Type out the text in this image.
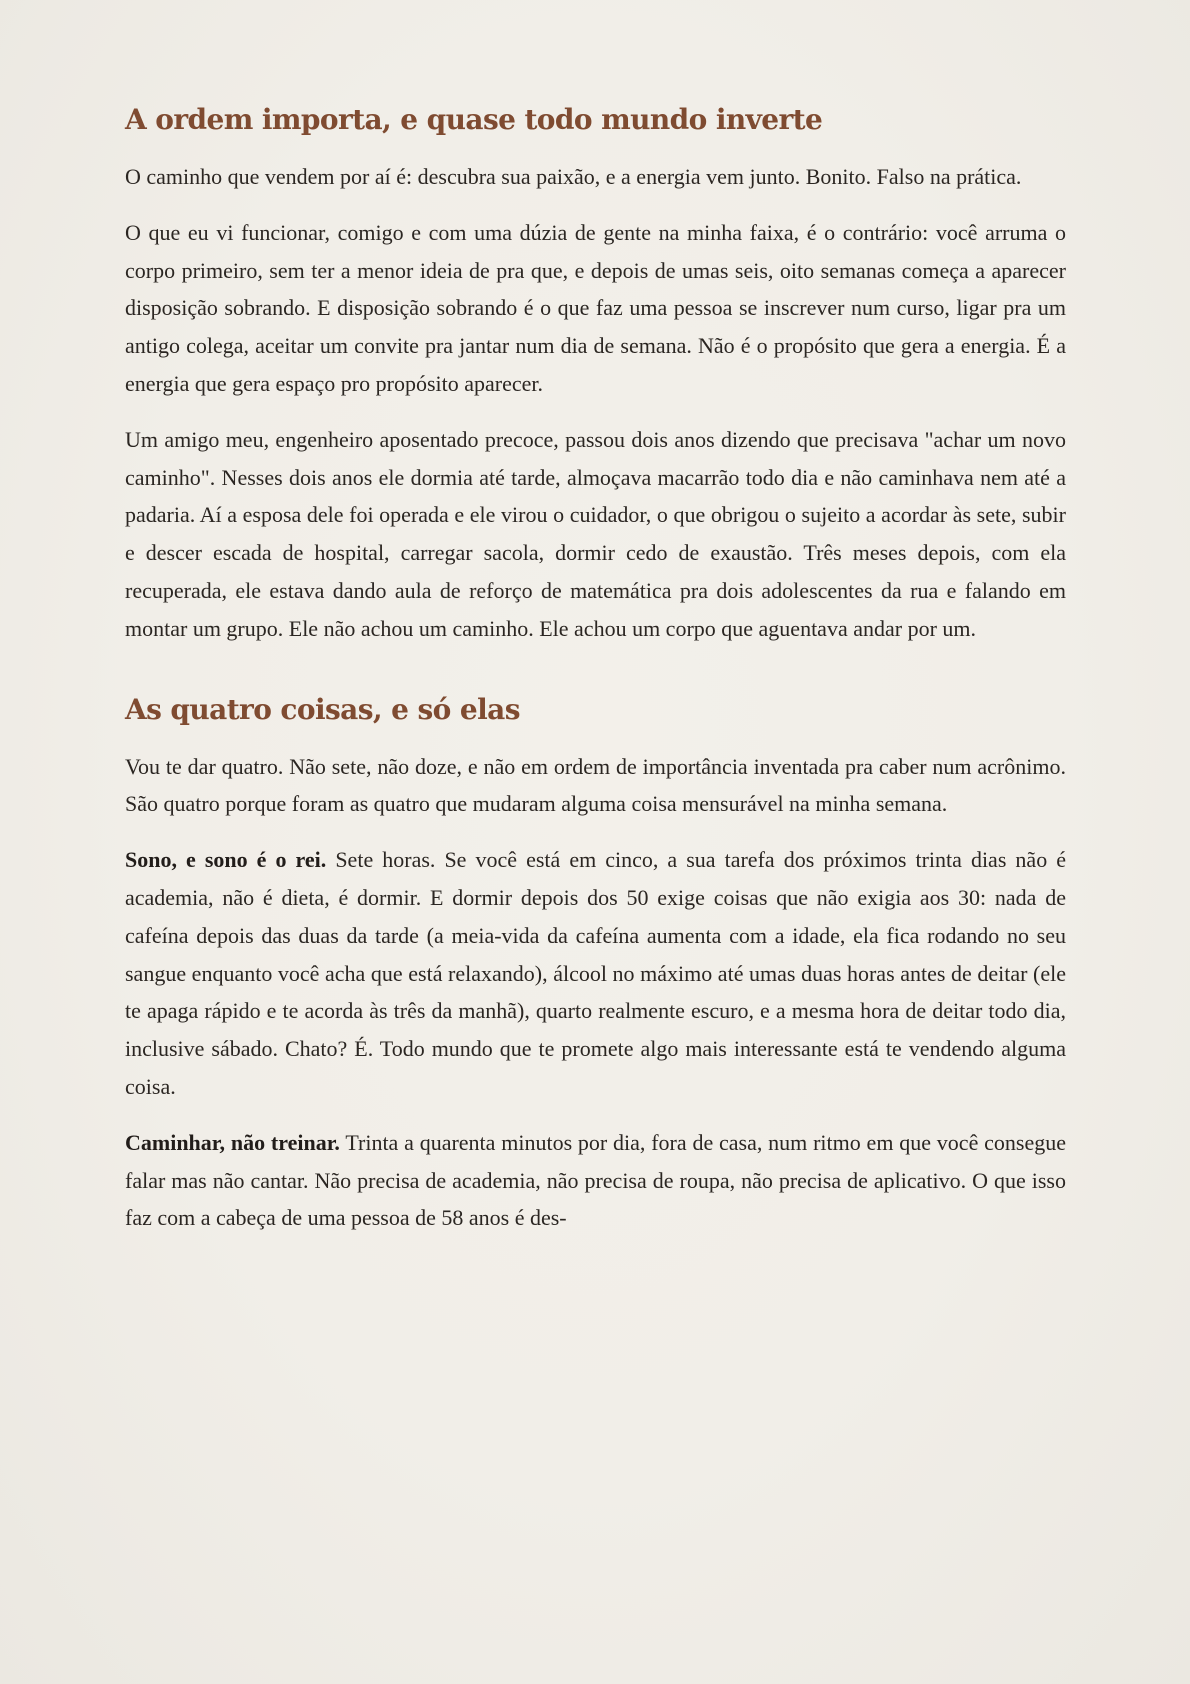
A ordem importa, e quase todo mundo inverte

O caminho que vendem por aí é: descubra sua paixão, e a energia vem junto. Bonito. Falso na prática.

O que eu vi funcionar, comigo e com uma dúzia de gente na minha faixa, é o contrário: você arruma o corpo primeiro, sem ter a menor ideia de pra que, e depois de umas seis, oito semanas começa a aparecer disposição sobrando. E disposição sobrando é o que faz uma pessoa se inscrever num curso, ligar pra um antigo colega, aceitar um convite pra jantar num dia de semana. Não é o propósito que gera a energia. É a energia que gera espaço pro propósito aparecer.

Um amigo meu, engenheiro aposentado precoce, passou dois anos dizendo que precisava "achar um novo caminho". Nesses dois anos ele dormia até tarde, almoçava macarrão todo dia e não caminhava nem até a padaria. Aí a esposa dele foi operada e ele virou o cuidador, o que obrigou o sujeito a acordar às sete, subir e descer escada de hospital, carregar sacola, dormir cedo de exaustão. Três meses depois, com ela recuperada, ele estava dando aula de reforço de matemática pra dois adolescentes da rua e falando em montar um grupo. Ele não achou um caminho. Ele achou um corpo que aguentava andar por um.

As quatro coisas, e só elas

Vou te dar quatro. Não sete, não doze, e não em ordem de importância inventada pra caber num acrônimo. São quatro porque foram as quatro que mudaram alguma coisa mensurável na minha semana.

Sono, e sono é o rei. Sete horas. Se você está em cinco, a sua tarefa dos próximos trinta dias não é academia, não é dieta, é dormir. E dormir depois dos 50 exige coisas que não exigia aos 30: nada de cafeína depois das duas da tarde (a meia-vida da cafeína aumenta com a idade, ela fica rodando no seu sangue enquanto você acha que está relaxando), álcool no máximo até umas duas horas antes de deitar (ele te apaga rápido e te acorda às três da manhã), quarto realmente escuro, e a mesma hora de deitar todo dia, inclusive sábado. Chato? É. Todo mundo que te promete algo mais interessante está te vendendo alguma coisa.

Caminhar, não treinar. Trinta a quarenta minutos por dia, fora de casa, num ritmo em que você consegue falar mas não cantar. Não precisa de academia, não precisa de roupa, não precisa de aplicativo. O que isso faz com a cabeça de uma pessoa de 58 anos é des-
